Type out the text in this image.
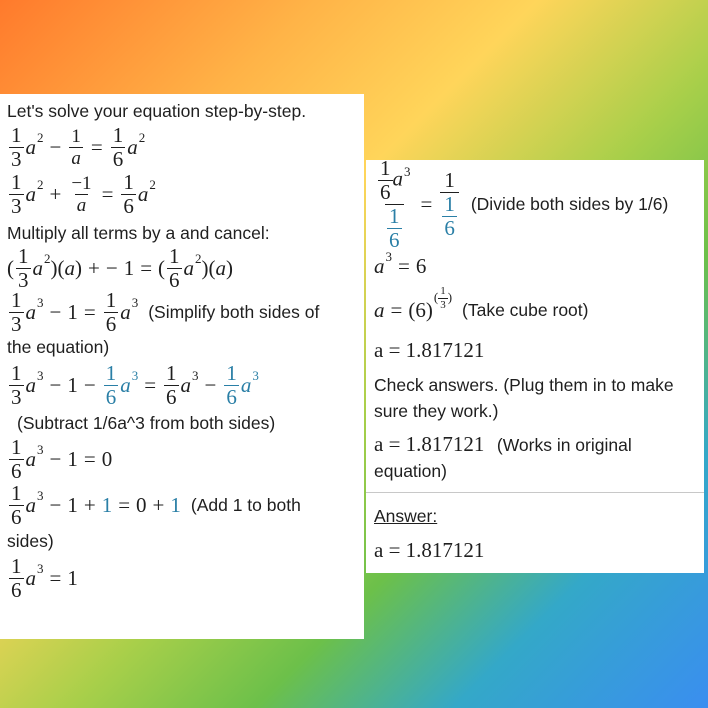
Let's solve your equation step-by-step.
$\frac{1}{3}$ a $2 - \frac{1}{a} = \frac{1}{6}$ a 2
$\frac{1}{3}$ a $2 + \frac{-1}{a} = \frac{1}{6}$ a 2
Multiply all terms by a and cancel:
( $\frac{1}{3}$ a 2 )( a ) + − 1 = ( $\frac{1}{6}$ a 2 )( a )
$\frac{1}{3}$ a $3 - 1 = \frac{1}{6}$ a 3 (Simplify both sides of
the equation)
$\frac{1}{3}$ a $3 - 1 - \frac{1}{6}$ a $3 = \frac{1}{6}$ a $3 - \frac{1}{6}$ a 3
(Subtract 1/6a^3 from both sides)
$\frac{1}{6}$ a 3 − 1 = 0
$\frac{1}{6}$ a 3 − 1 + 1 = 0 + 1 (Add 1 to both
sides)
$\frac{1}{6}$ a 3 = 1
$\frac{\frac{1}{6} a^3}{\frac{1}{6}} = \frac{1}{\frac{1}{6}}$ (Divide both sides by 1/6)
a 3 = 6
a = (6)
( $\frac{1}{3}$ )
(Take cube root)
a = 1.817121
Check answers. (Plug them in to make sure they work.)
a = 1.817121 (Works in original equation)
Answer:
a = 1.817121
